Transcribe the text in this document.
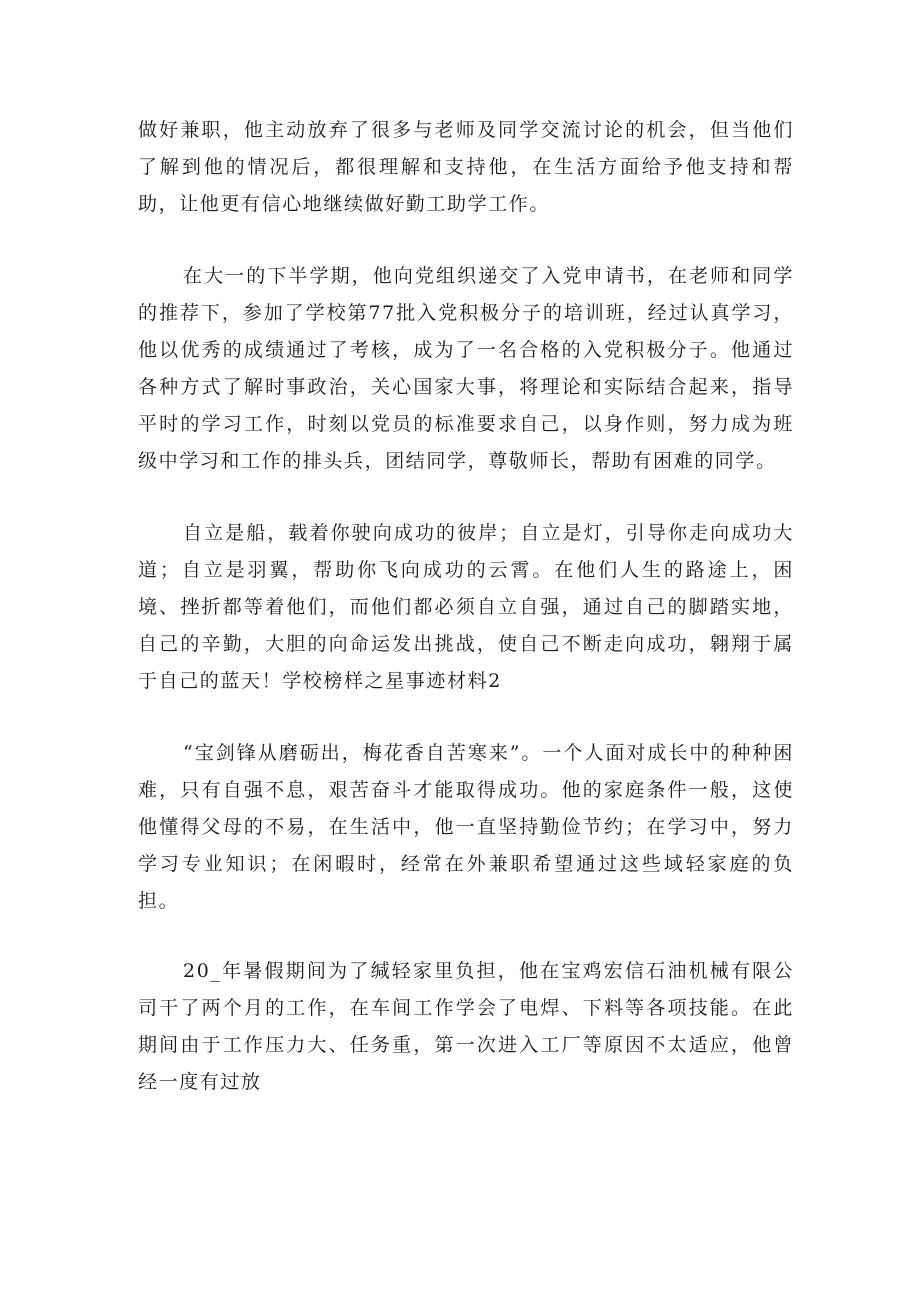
做好兼职，他主动放弃了很多与老师及同学交流讨论的机会，但当他们了解到他的情况后，都很理解和支持他，在生活方面给予他支持和帮助，让他更有信心地继续做好勤工助学工作。

在大一的下半学期，他向党组织递交了入党申请书，在老师和同学的推荐下，参加了学校第77批入党积极分子的培训班，经过认真学习，他以优秀的成绩通过了考核，成为了一名合格的入党积极分子。他通过各种方式了解时事政治，关心国家大事，将理论和实际结合起来，指导平时的学习工作，时刻以党员的标准要求自己，以身作则，努力成为班级中学习和工作的排头兵，团结同学，尊敬师长，帮助有困难的同学。

自立是船，载着你驶向成功的彼岸；自立是灯，引导你走向成功大道；自立是羽翼，帮助你飞向成功的云霄。在他们人生的路途上，困境、挫折都等着他们，而他们都必须自立自强，通过自己的脚踏实地，自己的辛勤，大胆的向命运发出挑战，使自己不断走向成功，翱翔于属于自己的蓝天！学校榜样之星事迹材料2

“宝剑锋从磨砺出，梅花香自苦寒来”。一个人面对成长中的种种困难，只有自强不息，艰苦奋斗才能取得成功。他的家庭条件一般，这使他懂得父母的不易，在生活中，他一直坚持勤俭节约；在学习中，努力学习专业知识；在闲暇时，经常在外兼职希望通过这些域轻家庭的负担。

20_年暑假期间为了缄轻家里负担，他在宝鸡宏信石油机械有限公司干了两个月的工作，在车间工作学会了电焊、下料等各项技能。在此期间由于工作压力大、任务重，第一次进入工厂等原因不太适应，他曾经一度有过放
